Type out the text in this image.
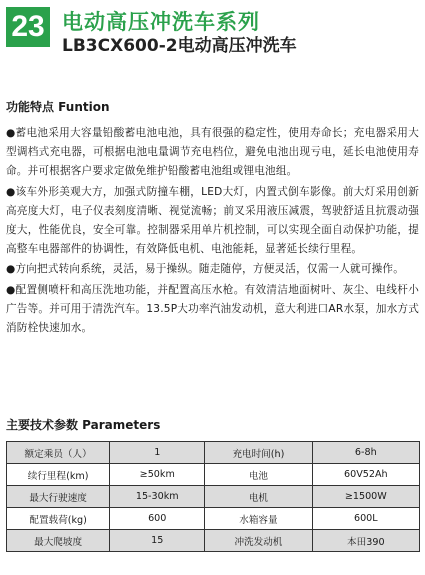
23 电动高压冲洗车系列
LB3CX600-2电动高压冲洗车
功能特点 Funtion

●蓄电池采用大容量铅酸蓄电池电池，具有很强的稳定性，使用寿命长；充电器采用大型调档式充电器，可根据电池电量调节充电档位，避免电池出现亏电，延长电池使用寿命。并可根据客户要求定做免维护铅酸蓄电池组或锂电池组。

●该车外形美观大方，加强式防撞车棚，LED大灯，内置式倒车影像。前大灯采用创新高亮度大灯，电子仪表刻度清晰、视觉流畅；前叉采用液压减震，驾驶舒适且抗震动强度大，性能优良，安全可靠。控制器采用单片机控制，可以实现全面自动保护功能，提高整车电器部件的协调性，有效降低电机、电池能耗，显著延长续行里程。

●方向把式转向系统，灵活，易于操纵。随走随停，方便灵活，仅需一人就可操作。

●配置侧喷杆和高压洗地功能，并配置高压水枪。有效清洁地面树叶、灰尘、电线杆小广告等。并可用于清洗汽车。13.5P大功率汽油发动机，意大利进口AR水泵，加水方式消防栓快速加水。

主要技术参数 Parameters
额定乘员（人）	1	充电时间(h)	6-8h
续行里程(km)	≥50km	电池	60V52Ah
最大行驶速度	15-30km	电机	≥1500W
配置载荷(kg)	600	水箱容量	600L
最大爬坡度	15	冲洗发动机	本田390
